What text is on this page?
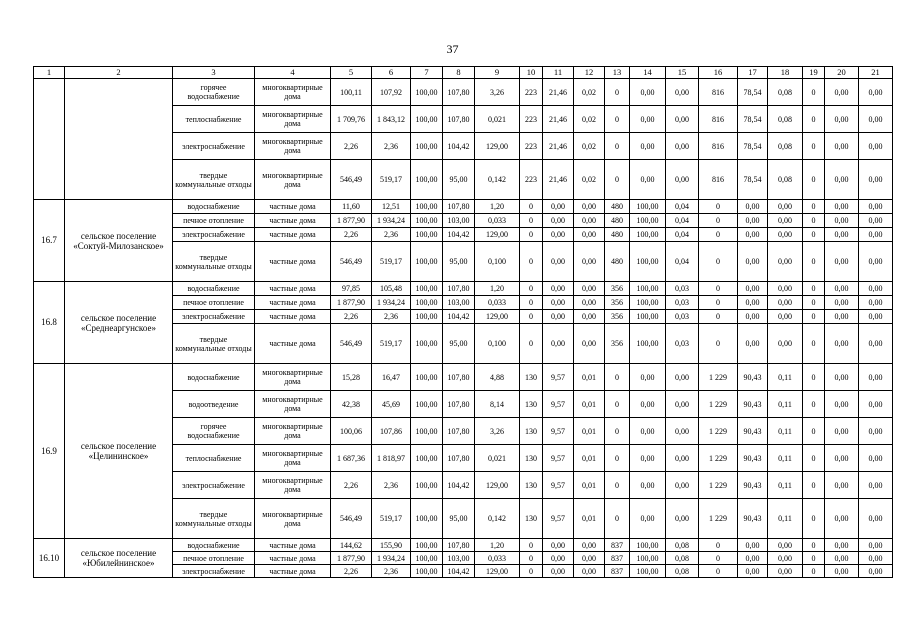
37
1	2	3	4	5	6	7	8	9	10	11	12	13	14	15	16	17	18	19	20	21
		горячее водоснабжение	многоквартирные дома	100,11	107,92	100,00	107,80	3,26	223	21,46	0,02	0	0,00	0,00	816	78,54	0,08	0	0,00	0,00
		теплоснабжение	многоквартирные дома	1 709,76	1 843,12	100,00	107,80	0,021	223	21,46	0,02	0	0,00	0,00	816	78,54	0,08	0	0,00	0,00
		электроснабжение	многоквартирные дома	2,26	2,36	100,00	104,42	129,00	223	21,46	0,02	0	0,00	0,00	816	78,54	0,08	0	0,00	0,00
		твердые коммунальные отходы	многоквартирные дома	546,49	519,17	100,00	95,00	0,142	223	21,46	0,02	0	0,00	0,00	816	78,54	0,08	0	0,00	0,00
16.7	сельское поселение «Соктуй-Милозанское»	водоснабжение	частные дома	11,60	12,51	100,00	107,80	1,20	0	0,00	0,00	480	100,00	0,04	0	0,00	0,00	0	0,00	0,00
		печное отопление	частные дома	1 877,90	1 934,24	100,00	103,00	0,033	0	0,00	0,00	480	100,00	0,04	0	0,00	0,00	0	0,00	0,00
		электроснабжение	частные дома	2,26	2,36	100,00	104,42	129,00	0	0,00	0,00	480	100,00	0,04	0	0,00	0,00	0	0,00	0,00
		твердые коммунальные отходы	частные дома	546,49	519,17	100,00	95,00	0,100	0	0,00	0,00	480	100,00	0,04	0	0,00	0,00	0	0,00	0,00
16.8	сельское поселение «Среднеаргунское»	водоснабжение	частные дома	97,85	105,48	100,00	107,80	1,20	0	0,00	0,00	356	100,00	0,03	0	0,00	0,00	0	0,00	0,00
		печное отопление	частные дома	1 877,90	1 934,24	100,00	103,00	0,033	0	0,00	0,00	356	100,00	0,03	0	0,00	0,00	0	0,00	0,00
		электроснабжение	частные дома	2,26	2,36	100,00	104,42	129,00	0	0,00	0,00	356	100,00	0,03	0	0,00	0,00	0	0,00	0,00
		твердые коммунальные отходы	частные дома	546,49	519,17	100,00	95,00	0,100	0	0,00	0,00	356	100,00	0,03	0	0,00	0,00	0	0,00	0,00
16.9	сельское поселение «Целининское»	водоснабжение	многоквартирные дома	15,28	16,47	100,00	107,80	4,88	130	9,57	0,01	0	0,00	0,00	1 229	90,43	0,11	0	0,00	0,00
		водоотведение	многоквартирные дома	42,38	45,69	100,00	107,80	8,14	130	9,57	0,01	0	0,00	0,00	1 229	90,43	0,11	0	0,00	0,00
		горячее водоснабжение	многоквартирные дома	100,06	107,86	100,00	107,80	3,26	130	9,57	0,01	0	0,00	0,00	1 229	90,43	0,11	0	0,00	0,00
		теплоснабжение	многоквартирные дома	1 687,36	1 818,97	100,00	107,80	0,021	130	9,57	0,01	0	0,00	0,00	1 229	90,43	0,11	0	0,00	0,00
		электроснабжение	многоквартирные дома	2,26	2,36	100,00	104,42	129,00	130	9,57	0,01	0	0,00	0,00	1 229	90,43	0,11	0	0,00	0,00
		твердые коммунальные отходы	многоквартирные дома	546,49	519,17	100,00	95,00	0,142	130	9,57	0,01	0	0,00	0,00	1 229	90,43	0,11	0	0,00	0,00
16.10	сельское поселение «Юбилейнинское»	водоснабжение	частные дома	144,62	155,90	100,00	107,80	1,20	0	0,00	0,00	837	100,00	0,08	0	0,00	0,00	0	0,00	0,00
		печное отопление	частные дома	1 877,90	1 934,24	100,00	103,00	0,033	0	0,00	0,00	837	100,00	0,08	0	0,00	0,00	0	0,00	0,00
		электроснабжение	частные дома	2,26	2,36	100,00	104,42	129,00	0	0,00	0,00	837	100,00	0,08	0	0,00	0,00	0	0,00	0,00
